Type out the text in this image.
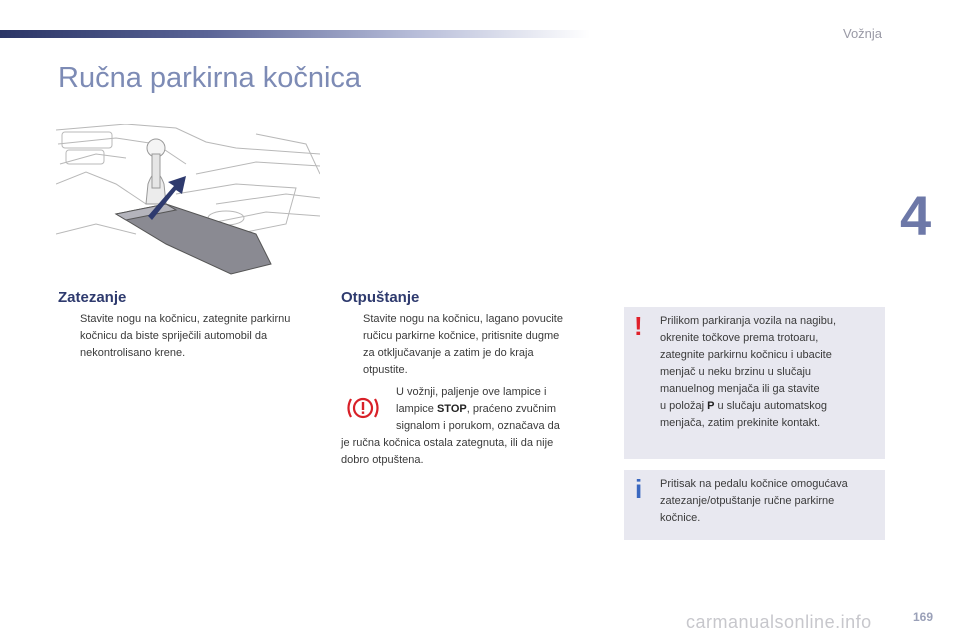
Vožnja
4
Ručna parkirna kočnica
Zatezanje
Stavite nogu na kočnicu, zategnite parkirnu
kočnicu da biste spriječili automobil da
nekontrolisano krene.
Otpuštanje
Stavite nogu na kočnicu, lagano povucite
ručicu parkirne kočnice, pritisnite dugme
za otključavanje a zatim je do kraja
otpustite.
U vožnji, paljenje ove lampice i
lampice STOP, praćeno zvučnim
signalom i porukom, označava da
je ručna kočnica ostala zategnuta, ili da nije
dobro otpuštena.
! Prilikom parkiranja vozila na nagibu,
okrenite točkove prema trotoaru,
zategnite parkirnu kočnicu i ubacite
menjač u neku brzinu u slučaju
manuelnog menjača ili ga stavite
u položaj P u slučaju automatskog
menjača, zatim prekinite kontakt.
i Pritisak na pedalu kočnice omogućava
zatezanje/otpuštanje ručne parkirne
kočnice.
carmanualsonline.info	169
